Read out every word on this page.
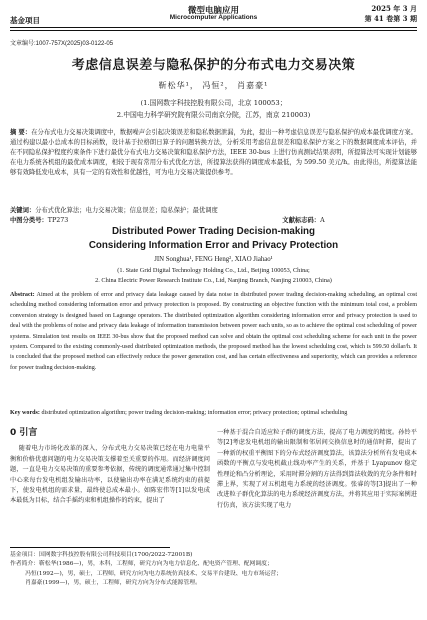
微型电脑应用
Microcomputer Applications
基金项目
2025 年 3 月
第 41 卷第 3 期
文章编号:1007-757X(2025)03-0122-05
考虑信息误差与隐私保护的分布式电力交易决策
靳松华¹， 冯恒²， 肖嘉豪¹
(1.国网数字科技控股有限公司，北京 100053；
2.中国电力科学研究院有限公司南京分院，江苏，南京 210003)
摘 要：在分布式电力交易决策调度中，数据噪声会引起决策误差和隐私数据泄漏，为此，提出一种考虑信息误差与隐私保护的成本最优调度方案。通过构建以最小总成本的目标函数，设计基于拉格朗日算子的问题转换方法，分析采用考虑信息误差和隐私保护方案之下的数据调度成本评估，并在不同隐私保护程度约束条件下进行最优分布式电力交易决策和隐私保护方法，IEEE 30-bus 上进行仿真测试结果表明，所提算法可实现计划能够在电力系统各机组的最优成本调度，相较于现有常用分布式优化方法，所提算法获得的调度成本最低，为 599.50 美元/h。由此得出，所提算法能够有效降低发电成本，具有一定的有效性和优越性，可为电力交易决策提供参考。
关键词：分布式优化算法；电力交易决策；信息误差；隐私保护；最优调度
中图分类号：TP273	文献标志码：A
Distributed Power Trading Decision-making
Considering Information Error and Privacy Protection
JIN Songhua¹, FENG Heng², XIAO Jiahao¹
(1. State Grid Digital Technology Holding Co., Ltd., Beijing 100053, China;
2. China Electric Power Research Institute Co., Ltd, Nanjing Branch, Nanjing 210003, China)
Abstract: Aimed at the problem of error and privacy data leakage caused by data noise in distributed power trading decision-making scheduling, an optimal cost scheduling method considering information error and privacy protection is proposed. By constructing an objective function with the minimum total cost, a problem conversion strategy is designed based on Lagrange operators. The distributed optimization algorithm considering information error and privacy protection is used to deal with the problems of noise and privacy data leakage of information transmission between power each units, so as to achieve the optimal cost scheduling of power systems. Simulation test results on IEEE 30-bus show that the proposed method can solve and obtain the optimal cost scheduling scheme for each unit in the power system. Compared to the existing commonly-used distributed optimization methods, the proposed method has the lowest scheduling cost, which is 599.50 dollar/h. It is concluded that the proposed method can effectively reduce the power generation cost, and has certain effectiveness and superiority, which can provides a reference for power trading decision-making.
Key words: distributed optimization algorithm; power trading decision-making; information error; privacy protection; optimal scheduling
0 引言
随着电力市场化改革的深入，分布式电力交易决策已经在电力电量平衡和价格优惠问题的电力交易决策支撑着至关重要的作用。而经济调度问题，一直是电力交易决策的重要参考依据，传统的调度通常通过集中控制中心来每台发电机组发输出功率，以使输出功率在满足系统约束的前提下，使发电机组的需求量，最终使总成本最小。如陈宏伟等[1]以发电成本最低为目标，结合手摇约束和机组操作的约束，提出了
一种基于混合自适应粒子群的调度方法，提高了电力调度的精度。孙铃平等[2]考虑发电机组的输出限制和邻居间交换信息时的通信时滞，提出了一种新的权重平衡图下的分布式经济调度算法，该算法分析所有发电成本函数的平衡点与发电机截止线功率产生的关系，并基于 Lyapunov 稳定性理论和凸分析理论，采用时滞分割的方法得到算法收敛的充分条件和时滞上界，实现了对五机组电力系统的经济调度。张睿的等[3]提出了一种改进粒子群优化算法的电力系统经济调度方法，并将其应用于实际案例进行仿真，该方法实现了电力
基金项目：国网数字科技控股有限公司科技项目(1700/2022-72001B)
作者简介：靳松华(1986—)，男，本科，工程师，研究方向为电力信息化、配电资产管理、配网调度；
冯恒(1992—)，男，硕士，工程师，研究方向为电力系统仿真技术、交易平台建设、电力市场运营；
肖嘉豪(1999—)，男，硕士，工程师，研究方向为分布式能源管理。
